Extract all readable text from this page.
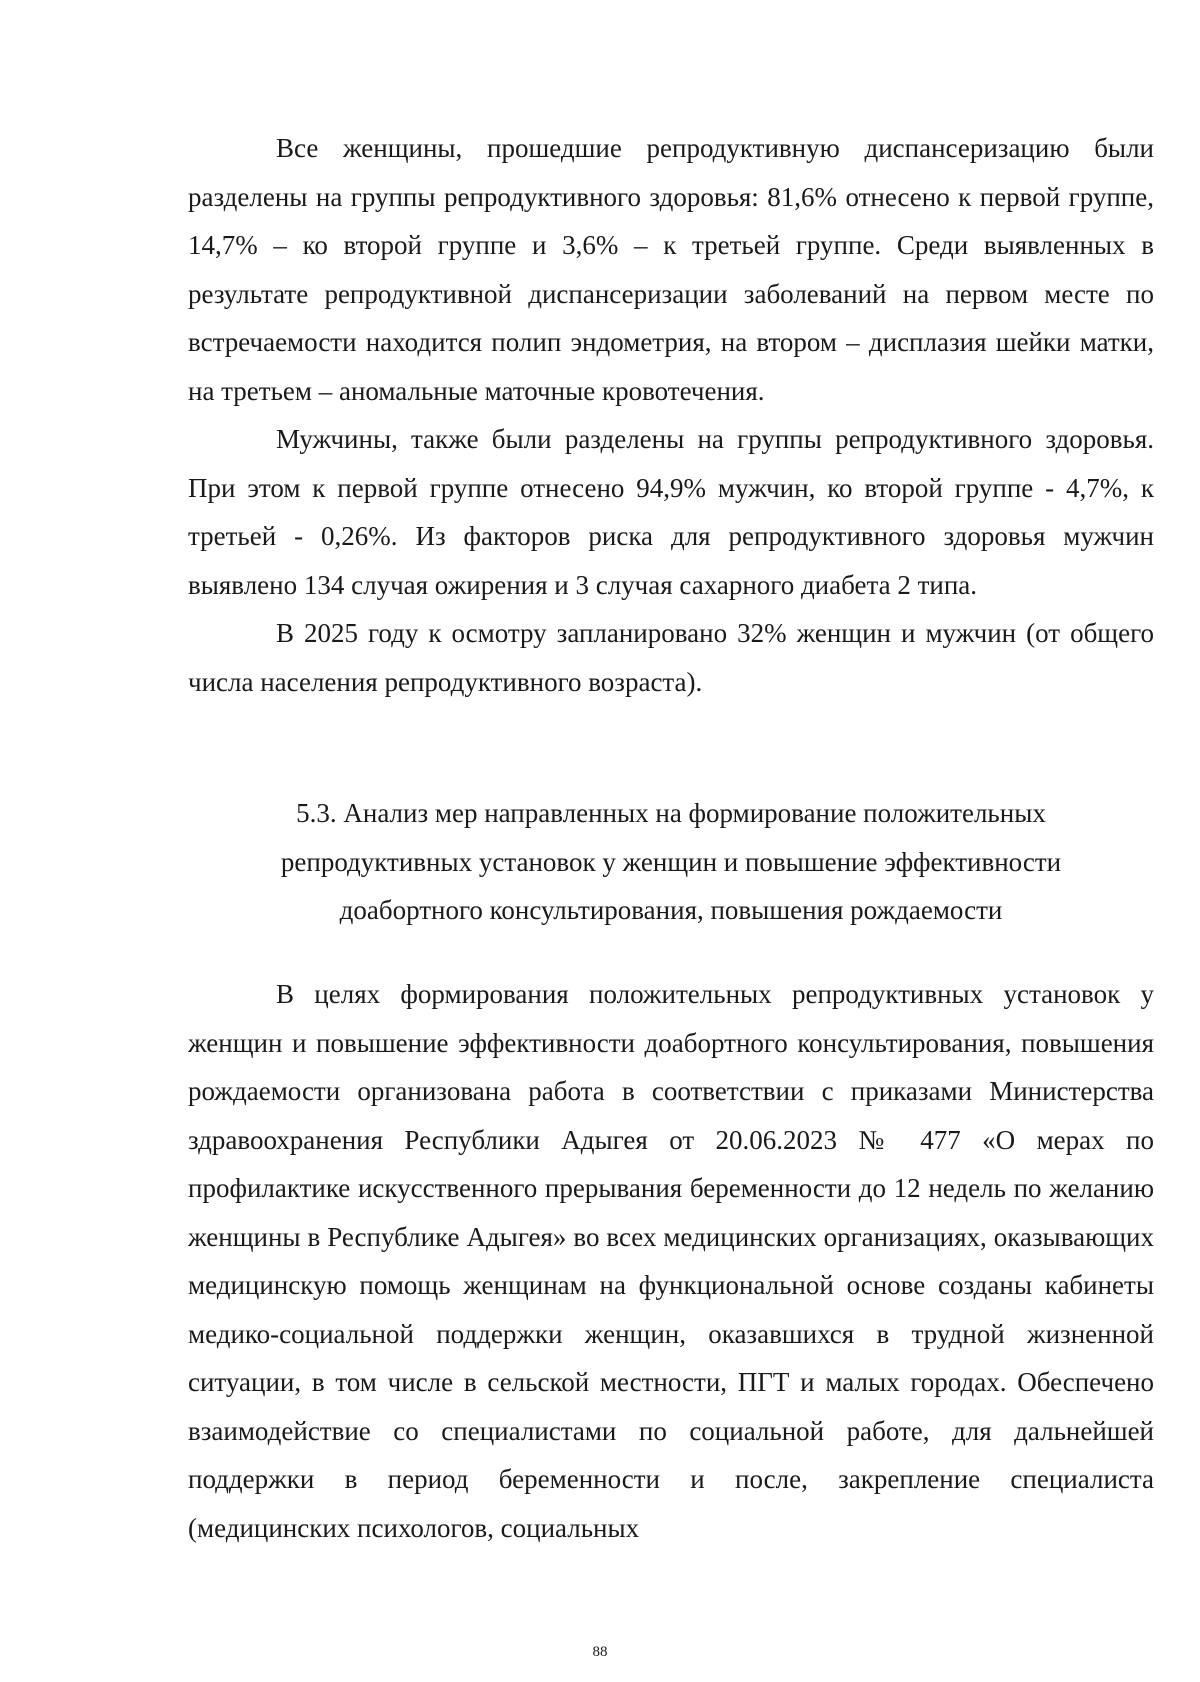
Все женщины, прошедшие репродуктивную диспансеризацию были разделены на группы репродуктивного здоровья: 81,6% отнесено к первой группе, 14,7% – ко второй группе и 3,6% – к третьей группе. Среди выявленных в результате репродуктивной диспансеризации заболеваний на первом месте по встречаемости находится полип эндометрия, на втором – дисплазия шейки матки, на третьем – аномальные маточные кровотечения.

Мужчины, также были разделены на группы репродуктивного здоровья. При этом к первой группе отнесено 94,9% мужчин, ко второй группе - 4,7%, к третьей - 0,26%. Из факторов риска для репродуктивного здоровья мужчин выявлено 134 случая ожирения и 3 случая сахарного диабета 2 типа.

В 2025 году к осмотру запланировано 32% женщин и мужчин (от общего числа населения репродуктивного возраста).

5.3. Анализ мер направленных на формирование положительных
репродуктивных установок у женщин и повышение эффективности
доабортного консультирования, повышения рождаемости

В целях формирования положительных репродуктивных установок у женщин и повышение эффективности доабортного консультирования, повышения рождаемости организована работа в соответствии с приказами Министерства здравоохранения Республики Адыгея от 20.06.2023 № 477 «О мерах по профилактике искусственного прерывания беременности до 12 недель по желанию женщины в Республике Адыгея» во всех медицинских организациях, оказывающих медицинскую помощь женщинам на функциональной основе созданы кабинеты медико-социальной поддержки женщин, оказавшихся в трудной жизненной ситуации, в том числе в сельской местности, ПГТ и малых городах. Обеспечено взаимодействие со специалистами по социальной работе, для дальнейшей поддержки в период беременности и после, закрепление специалиста (медицинских психологов, социальных

88
